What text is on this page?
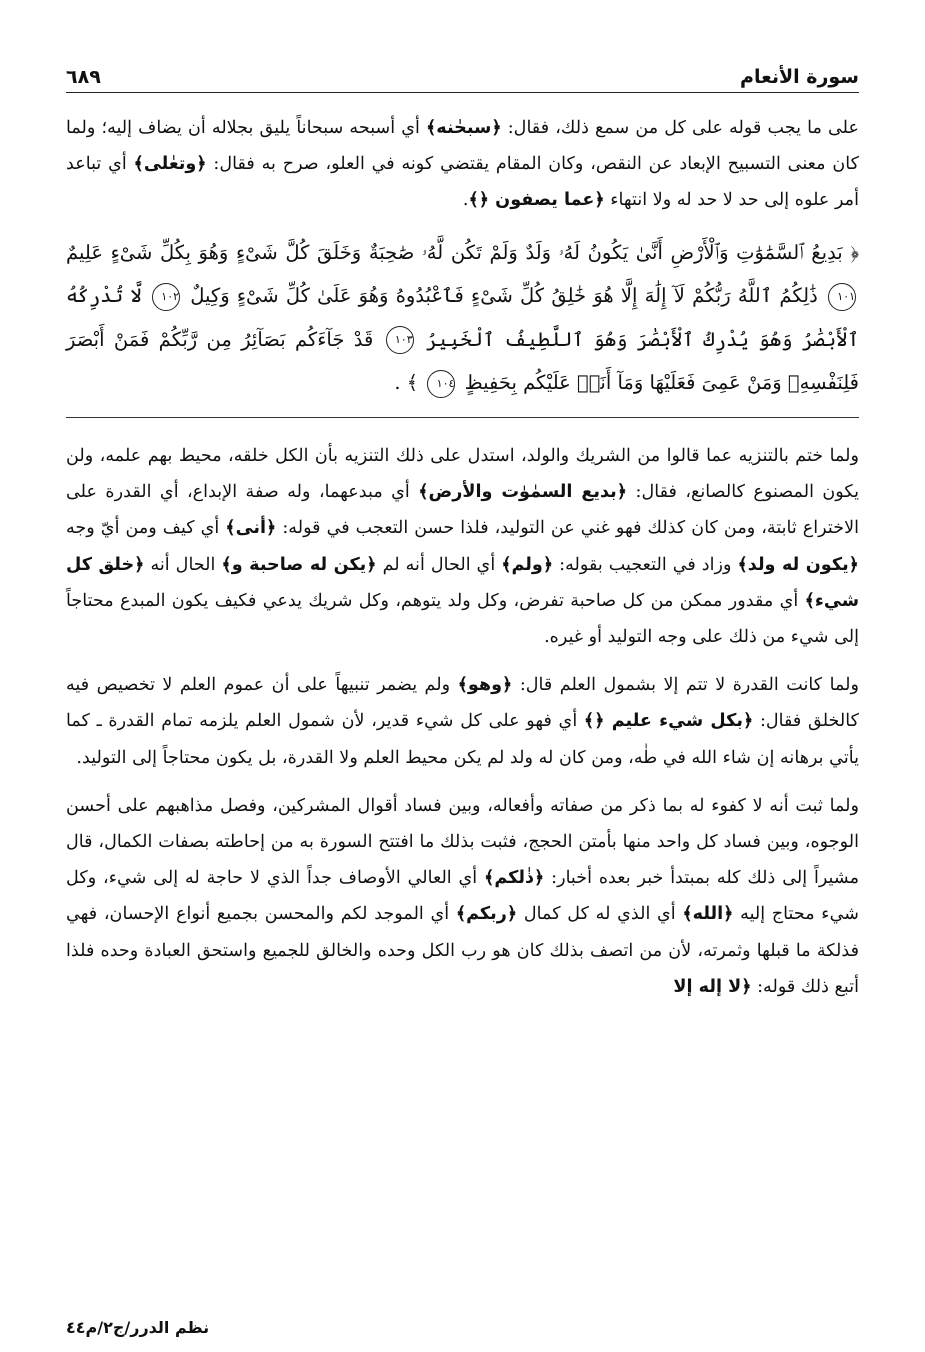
سورة الأنعام
٦٨٩

على ما يجب قوله على كل من سمع ذلك، فقال: ﴿سبحٰنه﴾ أي أسبحه سبحاناً يليق بجلاله أن يضاف إليه؛ ولما كان معنى التسبيح الإبعاد عن النقص، وكان المقام يقتضي كونه في العلو، صرح به فقال: ﴿وتعٰلى﴾ أي تباعد أمر علوه إلى حد لا حد له ولا انتهاء ﴿عما يصفون ﴿﴾.

﴿ بَدِيعُ ٱلسَّمَٰوَٰتِ وَٱلْأَرْضِ أَنَّىٰ يَكُونُ لَهُۥ وَلَدٌ وَلَمْ تَكُن لَّهُۥ صَٰحِبَةٌ وَخَلَقَ كُلَّ شَىْءٍ وَهُوَ بِكُلِّ شَىْءٍ عَلِيمٌ ١٠١ ذَٰلِكُمُ ٱللَّهُ رَبُّكُمْ لَآ إِلَٰهَ إِلَّا هُوَ خَٰلِقُ كُلِّ شَىْءٍ فَٱعْبُدُوهُ وَهُوَ عَلَىٰ كُلِّ شَىْءٍ وَكِيلٌ ١٠٢ لَّا تُدْرِكُهُ ٱلْأَبْصَٰرُ وَهُوَ يُدْرِكُ ٱلْأَبْصَٰرَ وَهُوَ ٱللَّطِيفُ ٱلْخَبِيرُ ١٠٣ قَدْ جَآءَكُم بَصَآئِرُ مِن رَّبِّكُمْ فَمَنْ أَبْصَرَ فَلِنَفْسِهِۦ وَمَنْ عَمِىَ فَعَلَيْهَا وَمَآ أَنَا۠ عَلَيْكُم بِحَفِيظٍ ١٠٤ ﴾ .

ولما ختم بالتنزيه عما قالوا من الشريك والولد، استدل على ذلك التنزيه بأن الكل خلقه، محيط بهم علمه، ولن يكون المصنوع كالصانع، فقال: ﴿بديع السمٰوٰت والأرض﴾ أي مبدعهما، وله صفة الإبداع، أي القدرة على الاختراع ثابتة، ومن كان كذلك فهو غني عن التوليد، فلذا حسن التعجب في قوله: ﴿أنى﴾ أي كيف ومن أيّ وجه ﴿يكون له ولد﴾ وزاد في التعجيب بقوله: ﴿ولم﴾ أي الحال أنه لم ﴿يكن له صاحبة و﴾ الحال أنه ﴿خلق كل شيء﴾ أي مقدور ممكن من كل صاحبة تفرض، وكل ولد يتوهم، وكل شريك يدعي فكيف يكون المبدع محتاجاً إلى شيء من ذلك على وجه التوليد أو غيره.

ولما كانت القدرة لا تتم إلا بشمول العلم قال: ﴿وهو﴾ ولم يضمر تنبيهاً على أن عموم العلم لا تخصيص فيه كالخلق فقال: ﴿بكل شيء عليم ﴿﴾ أي فهو على كل شيء قدير، لأن شمول العلم يلزمه تمام القدرة ـ كما يأتي برهانه إن شاء الله في طٰه، ومن كان له ولد لم يكن محيط العلم ولا القدرة، بل يكون محتاجاً إلى التوليد.

ولما ثبت أنه لا كفوء له بما ذكر من صفاته وأفعاله، وبين فساد أقوال المشركين، وفصل مذاهبهم على أحسن الوجوه، وبين فساد كل واحد منها بأمتن الحجج، فثبت بذلك ما افتتح السورة به من إحاطته بصفات الكمال، قال مشيراً إلى ذلك كله بمبتدأ خبر بعده أخبار: ﴿ذٰلكم﴾ أي العالي الأوصاف جداً الذي لا حاجة له إلى شيء، وكل شيء محتاج إليه ﴿الله﴾ أي الذي له كل كمال ﴿ربكم﴾ أي الموجد لكم والمحسن بجميع أنواع الإحسان، فهي فذلكة ما قبلها وثمرته، لأن من اتصف بذلك كان هو رب الكل وحده والخالق للجميع واستحق العبادة وحده فلذا أتبع ذلك قوله: ﴿لا إله إلا

نظم الدرر/ج٢/م٤٤
